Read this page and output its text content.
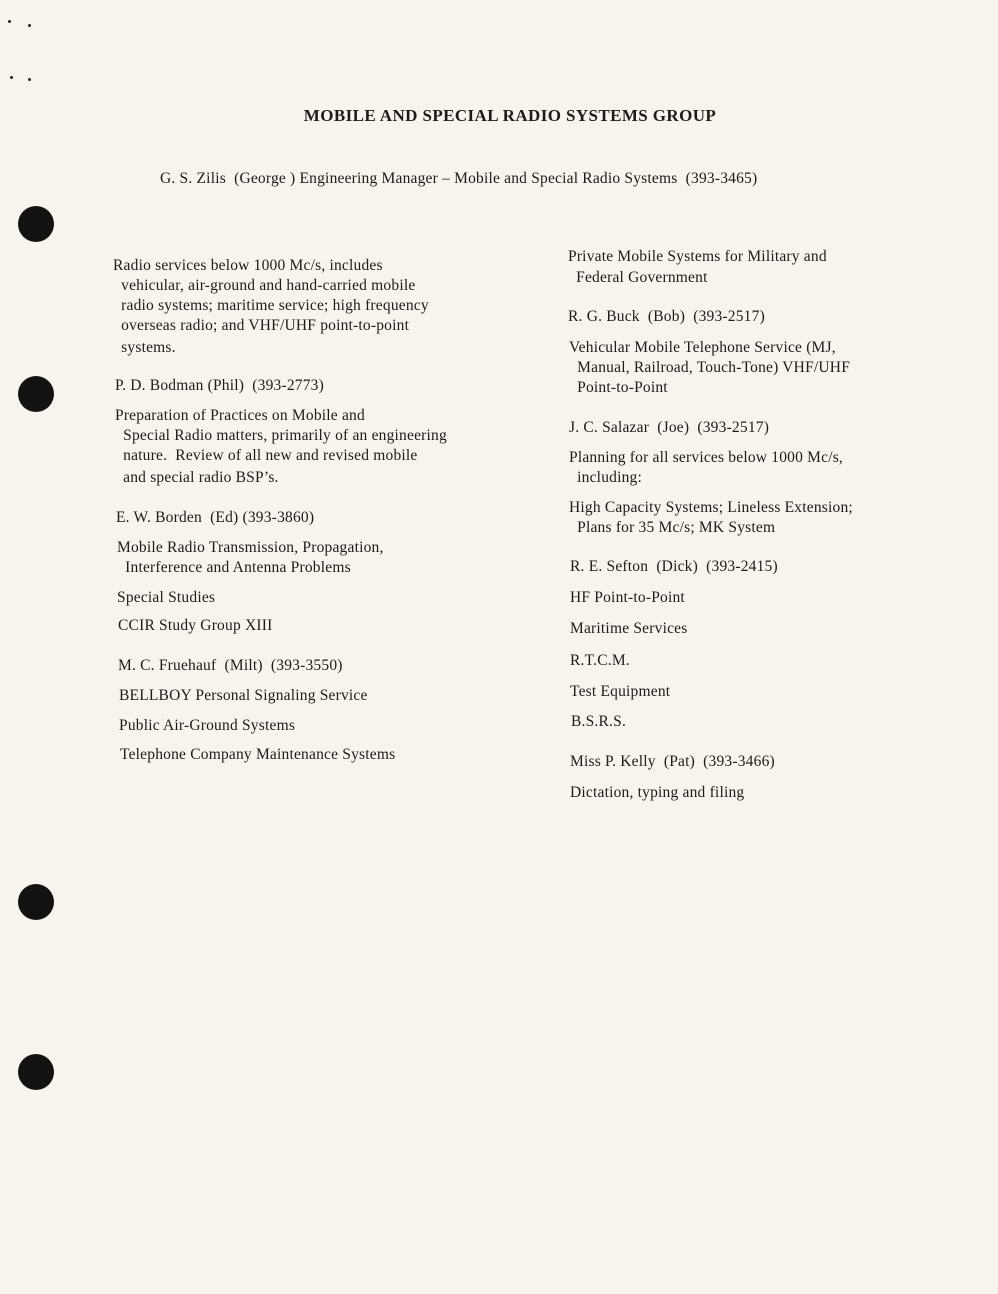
MOBILE AND SPECIAL RADIO SYSTEMS GROUP
G. S. Zilis  (George ) Engineering Manager – Mobile and Special Radio Systems  (393-3465)
Radio services below 1000 Mc/s, includes
vehicular, air-ground and hand-carried mobile
radio systems; maritime service; high frequency
overseas radio; and VHF/UHF point-to-point
systems.
P. D. Bodman (Phil)  (393-2773)
Preparation of Practices on Mobile and
Special Radio matters, primarily of an engineering
nature.  Review of all new and revised mobile
and special radio BSP’s.
E. W. Borden  (Ed) (393-3860)
Mobile Radio Transmission, Propagation,
Interference and Antenna Problems
Special Studies
CCIR Study Group XIII
M. C. Fruehauf  (Milt)  (393-3550)
BELLBOY Personal Signaling Service
Public Air-Ground Systems
Telephone Company Maintenance Systems
Private Mobile Systems for Military and
Federal Government
R. G. Buck  (Bob)  (393-2517)
Vehicular Mobile Telephone Service (MJ,
Manual, Railroad, Touch-Tone) VHF/UHF
Point-to-Point
J. C. Salazar  (Joe)  (393-2517)
Planning for all services below 1000 Mc/s,
including:
High Capacity Systems; Lineless Extension;
Plans for 35 Mc/s; MK System
R. E. Sefton  (Dick)  (393-2415)
HF Point-to-Point
Maritime Services
R.T.C.M.
Test Equipment
B.S.R.S.
Miss P. Kelly  (Pat)  (393-3466)
Dictation, typing and filing
